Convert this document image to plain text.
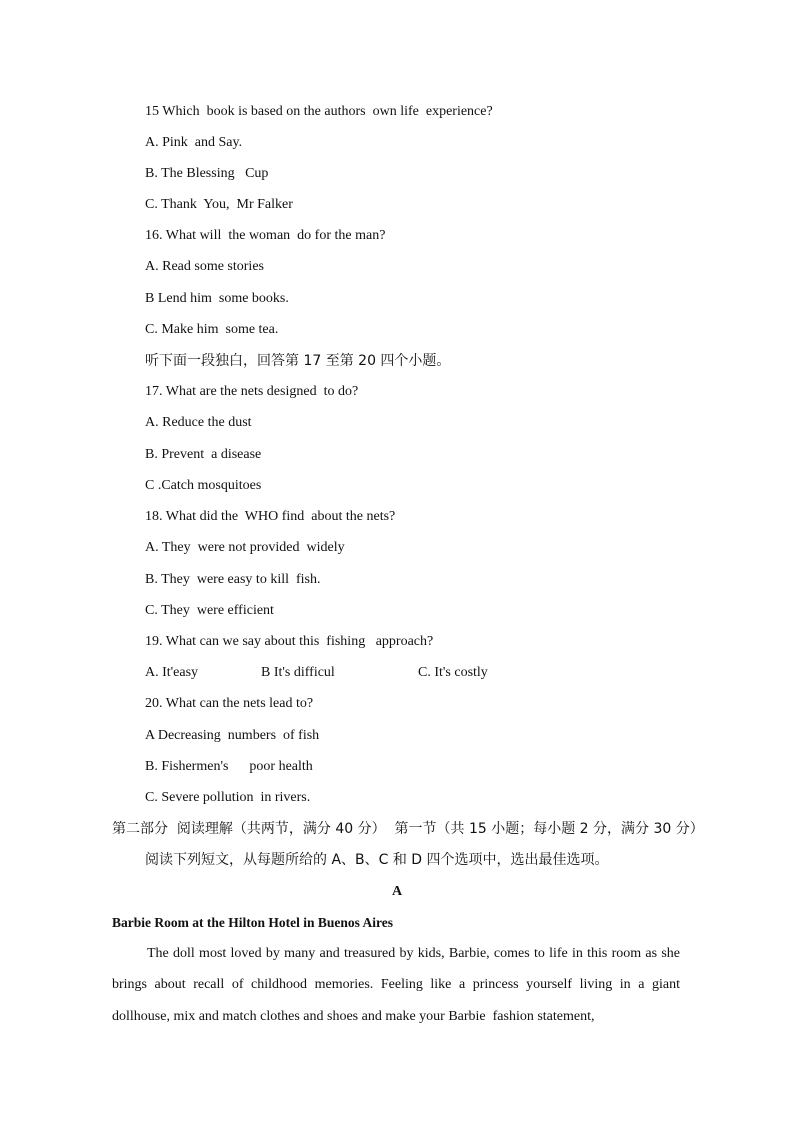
15 Which  book is based on the authors  own life  experience?
A. Pink  and Say.
B. The Blessing   Cup
C. Thank  You,  Mr Falker
16. What will  the woman  do for the man?
A. Read some stories
B Lend him  some books.
C. Make him  some tea.
听下面一段独白，回答第 17 至第 20 四个小题。
17. What are the nets designed  to do?
A. Reduce the dust
B. Prevent  a disease
C .Catch mosquitoes
18. What did the  WHO find  about the nets?
A. They  were not provided  widely
B. They  were easy to kill  fish.
C. They  were efficient
19. What can we say about this  fishing   approach?
A. It'easy	B It's difficul	C. It's costly
20. What can the nets lead to?
A Decreasing  numbers  of fish
B. Fishermen's      poor health
C. Severe pollution  in rivers.
第二部分  阅读理解（共两节，满分 40 分）  第一节（共 15 小题；每小题 2 分，满分 30 分）
阅读下列短文，从每题所给的 A、B、C 和 D 四个选项中，选出最佳选项。
A
Barbie Room at the Hilton Hotel in Buenos Aires
The doll most loved by many and treasured by kids, Barbie, comes to life in this room as she
brings about recall of childhood memories. Feeling like a princess yourself living in a giant
dollhouse, mix and match clothes and shoes and make your Barbie  fashion statement,
